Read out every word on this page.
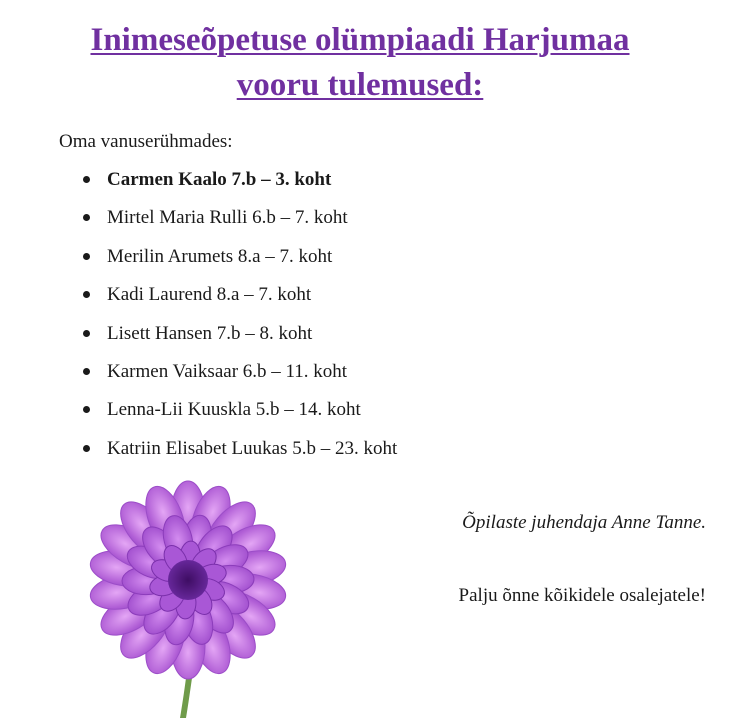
Inimeseõpetuse olümpiaadi Harjumaa
vooru tulemused:
Oma vanuserühmades:
Carmen Kaalo 7.b – 3. koht
Mirtel Maria Rulli 6.b – 7. koht
Merilin Arumets 8.a – 7. koht
Kadi Laurend 8.a – 7. koht
Lisett Hansen 7.b – 8. koht
Karmen Vaiksaar 6.b – 11. koht
Lenna-Lii Kuuskla 5.b – 14. koht
Katriin Elisabet Luukas 5.b – 23. koht
Õpilaste juhendaja Anne Tanne.
Palju õnne kõikidele osalejatele!
